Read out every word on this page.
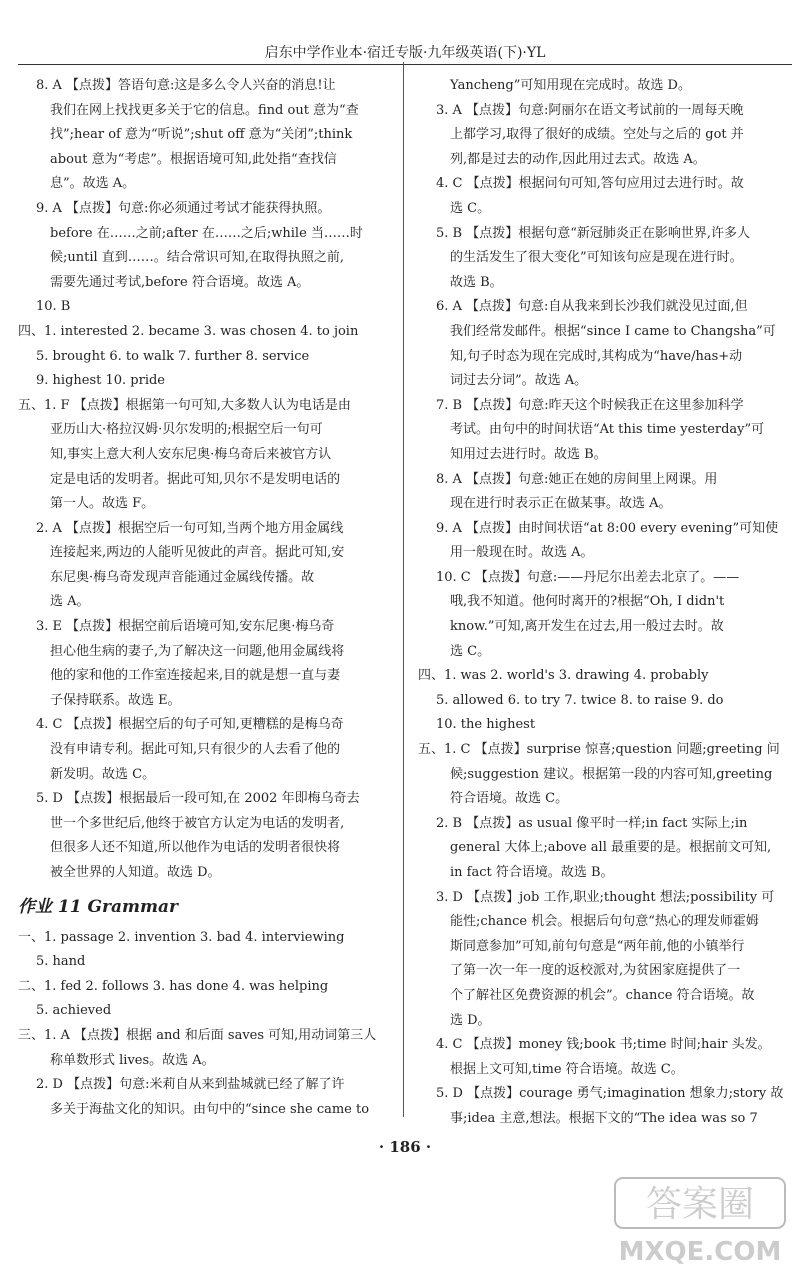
启东中学作业本·宿迁专版·九年级英语(下)·YL
8. A 【点拨】答语句意:这是多么令人兴奋的消息!让
我们在网上找找更多关于它的信息。find out 意为“查
找”;hear of 意为“听说”;shut off 意为“关闭”;think
about 意为“考虑”。根据语境可知,此处指“查找信
息”。故选 A。
9. A 【点拨】句意:你必须通过考试才能获得执照。
before 在……之前;after 在……之后;while 当……时
候;until 直到……。结合常识可知,在取得执照之前,
需要先通过考试,before 符合语境。故选 A。
10. B
四、1. interested 2. became 3. was chosen 4. to join
5. brought 6. to walk 7. further 8. service
9. highest 10. pride
五、1. F 【点拨】根据第一句可知,大多数人认为电话是由
亚历山大·格拉汉姆·贝尔发明的;根据空后一句可
知,事实上意大利人安东尼奥·梅乌奇后来被官方认
定是电话的发明者。据此可知,贝尔不是发明电话的
第一人。故选 F。
2. A 【点拨】根据空后一句可知,当两个地方用金属线
连接起来,两边的人能听见彼此的声音。据此可知,安
东尼奥·梅乌奇发现声音能通过金属线传播。故
选 A。
3. E 【点拨】根据空前后语境可知,安东尼奥·梅乌奇
担心他生病的妻子,为了解决这一问题,他用金属线将
他的家和他的工作室连接起来,目的就是想一直与妻
子保持联系。故选 E。
4. C 【点拨】根据空后的句子可知,更糟糕的是梅乌奇
没有申请专利。据此可知,只有很少的人去看了他的
新发明。故选 C。
5. D 【点拨】根据最后一段可知,在 2002 年即梅乌奇去
世一个多世纪后,他终于被官方认定为电话的发明者,
但很多人还不知道,所以他作为电话的发明者很快将
被全世界的人知道。故选 D。
作业 11 Grammar
一、1. passage 2. invention 3. bad 4. interviewing
5. hand
二、1. fed 2. follows 3. has done 4. was helping
5. achieved
三、1. A 【点拨】根据 and 和后面 saves 可知,用动词第三人
称单数形式 lives。故选 A。
2. D 【点拨】句意:米莉自从来到盐城就已经了解了许
多关于海盐文化的知识。由句中的“since she came to
Yancheng”可知用现在完成时。故选 D。
3. A 【点拨】句意:阿丽尔在语文考试前的一周每天晚
上都学习,取得了很好的成绩。空处与之后的 got 并
列,都是过去的动作,因此用过去式。故选 A。
4. C 【点拨】根据问句可知,答句应用过去进行时。故
选 C。
5. B 【点拨】根据句意“新冠肺炎正在影响世界,许多人
的生活发生了很大变化”可知该句应是现在进行时。
故选 B。
6. A 【点拨】句意:自从我来到长沙我们就没见过面,但
我们经常发邮件。根据“since I came to Changsha”可
知,句子时态为现在完成时,其构成为“have/has+动
词过去分词”。故选 A。
7. B 【点拨】句意:昨天这个时候我正在这里参加科学
考试。由句中的时间状语“At this time yesterday”可
知用过去进行时。故选 B。
8. A 【点拨】句意:她正在她的房间里上网课。用
现在进行时表示正在做某事。故选 A。
9. A 【点拨】由时间状语“at 8:00 every evening”可知使
用一般现在时。故选 A。
10. C 【点拨】句意:——丹尼尔出差去北京了。——
哦,我不知道。他何时离开的?根据“Oh, I didn't
know.”可知,离开发生在过去,用一般过去时。故
选 C。
四、1. was 2. world's 3. drawing 4. probably
5. allowed 6. to try 7. twice 8. to raise 9. do
10. the highest
五、1. C 【点拨】surprise 惊喜;question 问题;greeting 问
候;suggestion 建议。根据第一段的内容可知,greeting
符合语境。故选 C。
2. B 【点拨】as usual 像平时一样;in fact 实际上;in
general 大体上;above all 最重要的是。根据前文可知,
in fact 符合语境。故选 B。
3. D 【点拨】job 工作,职业;thought 想法;possibility 可
能性;chance 机会。根据后句句意“热心的理发师霍姆
斯同意参加”可知,前句句意是“两年前,他的小镇举行
了第一次一年一度的返校派对,为贫困家庭提供了一
个了解社区免费资源的机会”。chance 符合语境。故
选 D。
4. C 【点拨】money 钱;book 书;time 时间;hair 头发。
根据上文可知,time 符合语境。故选 C。
5. D 【点拨】courage 勇气;imagination 想象力;story 故
事;idea 主意,想法。根据下文的“The idea was so 7
· 186 ·
答案圈
MXQE.COM
